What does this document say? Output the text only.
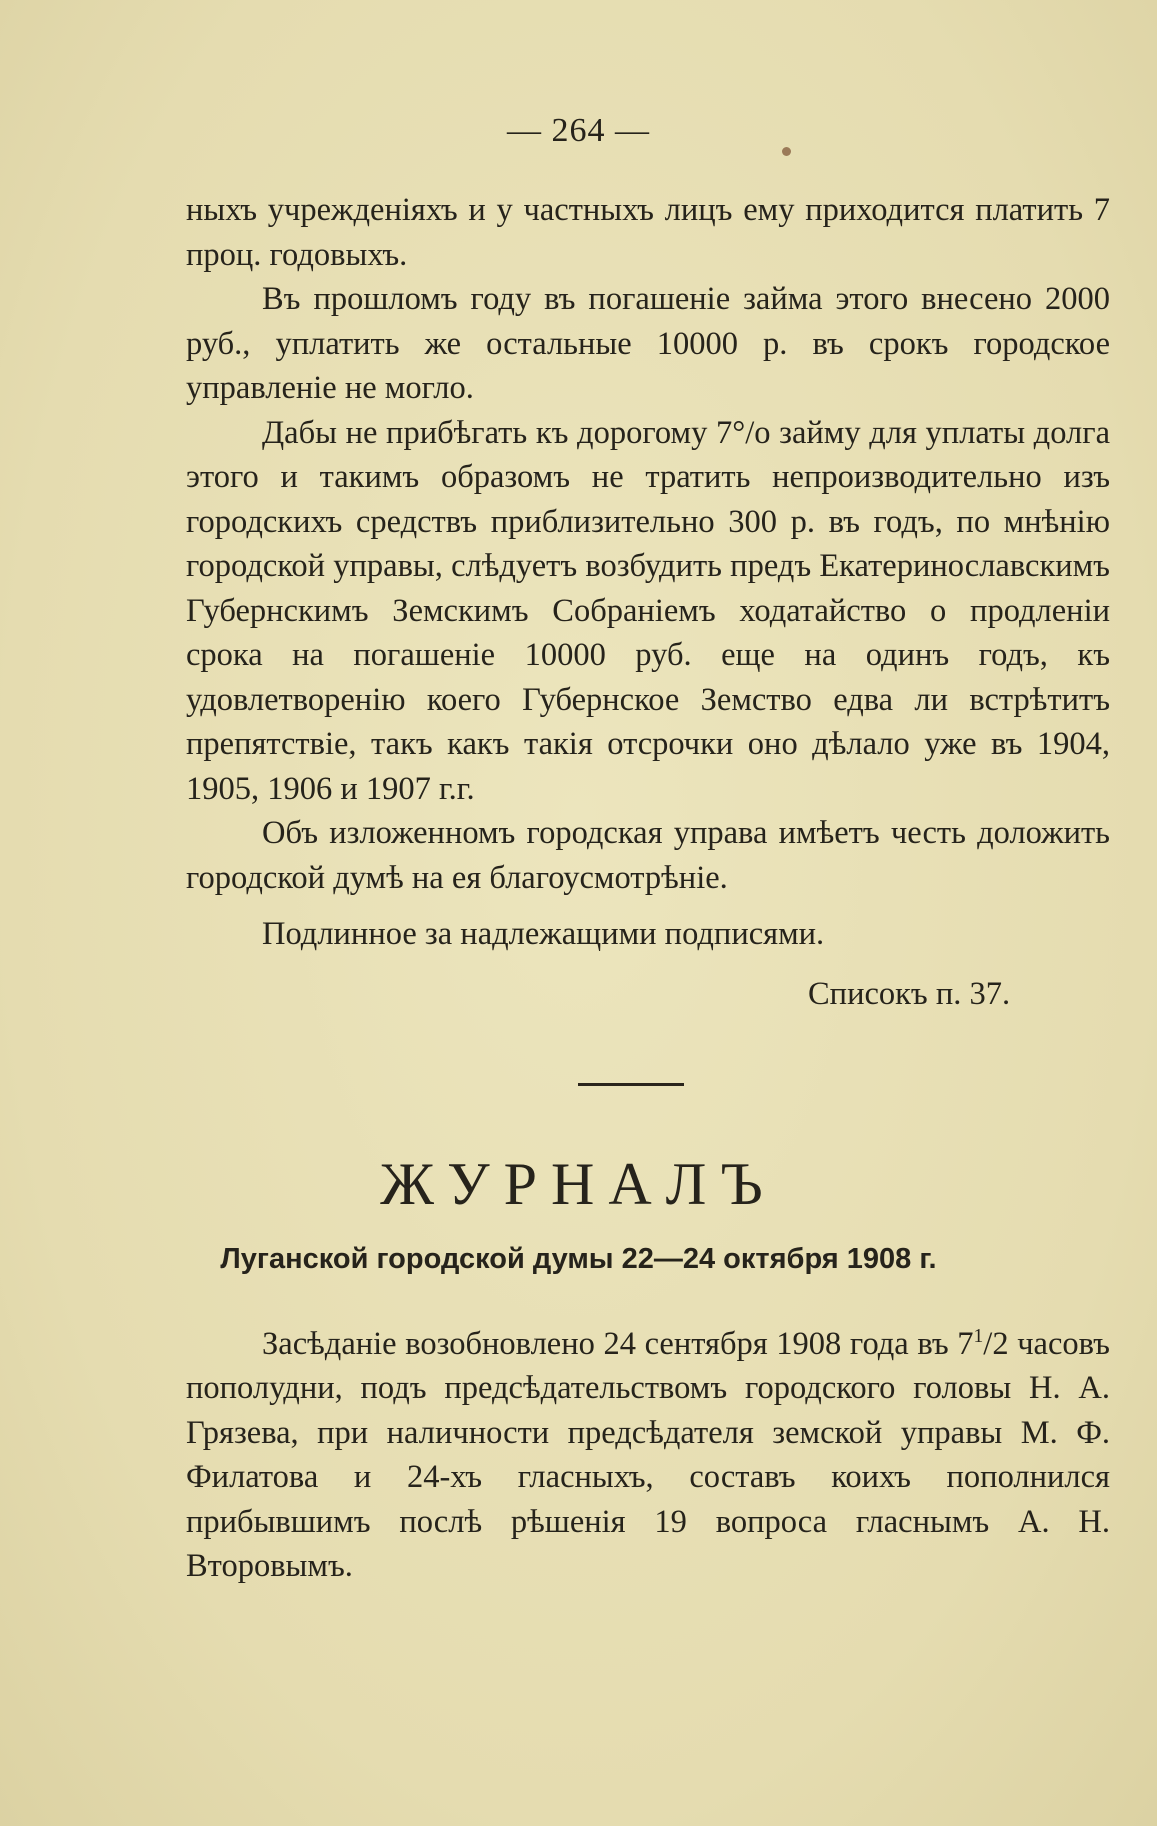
— 264 —

ныхъ учрежденіяхъ и у частныхъ лицъ ему приходится платить 7 проц. годовыхъ.

Въ прошломъ году въ погашеніе займа этого внесено 2000 руб., уплатить же остальные 10000 р. въ срокъ городское управленіе не могло.

Дабы не прибѣгать къ дорогому 7°/о займу для уплаты долга этого и такимъ образомъ не тратить непроизводительно изъ городскихъ средствъ приблизительно 300 р. въ годъ, по мнѣнію городской управы, слѣдуетъ возбудить предъ Екатеринославскимъ Губернскимъ Земскимъ Собраніемъ ходатайство о продленіи срока на погашеніе 10000 руб. еще на одинъ годъ, къ удовлетворенію коего Губернское Земство едва ли встрѣтитъ препятствіе, такъ какъ такія отсрочки оно дѣлало уже въ 1904, 1905, 1906 и 1907 г.г.

Объ изложенномъ городская управа имѣетъ честь доложить городской думѣ на ея благоусмотрѣніе.

Подлинное за надлежащими подписями.
Списокъ п. 37.
ЖУРНАЛЪ
Луганской городской думы 22—24 октября 1908 г.

Засѣданіе возобновлено 24 сентября 1908 года въ $7^1/2$ часовъ пополудни, подъ предсѣдательствомъ городского головы Н. А. Грязева, при наличности предсѣдателя земской управы М. Ф. Филатова и 24-хъ гласныхъ, составъ коихъ пополнился прибывшимъ послѣ рѣшенія 19 вопроса гласнымъ А. Н. Второвымъ.
